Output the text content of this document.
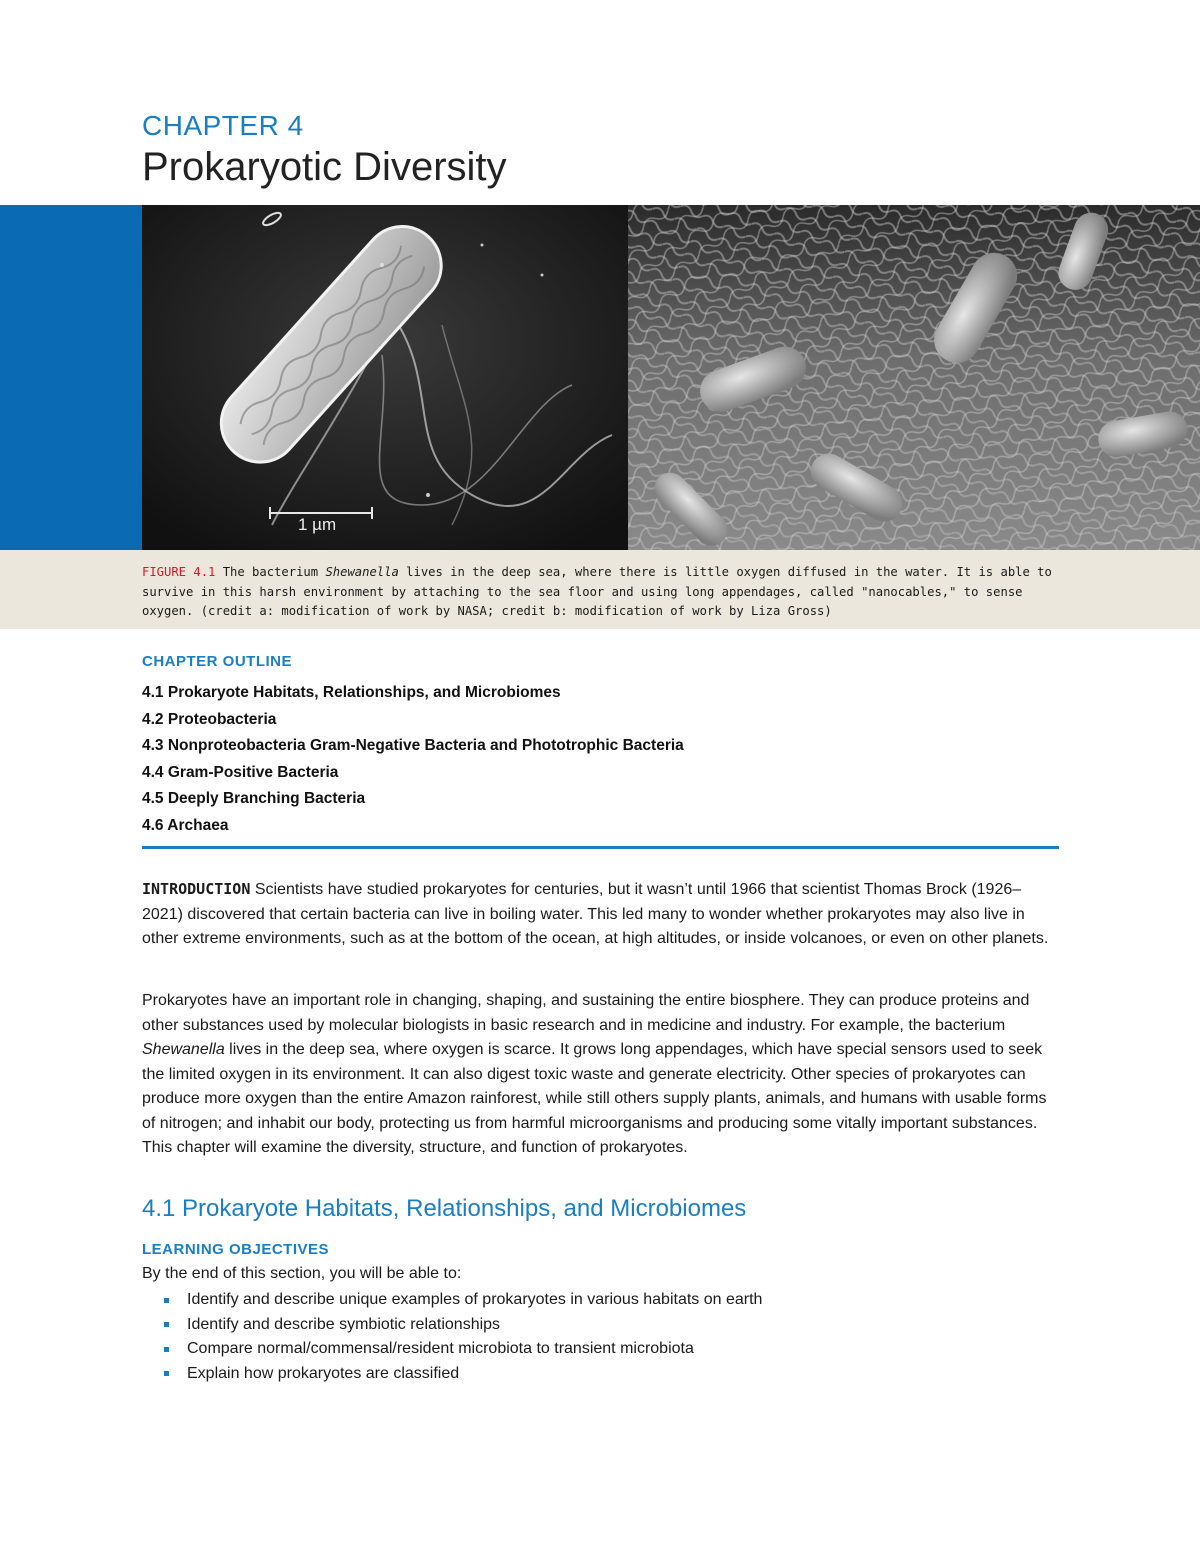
CHAPTER 4
Prokaryotic Diversity
1 µm
FIGURE 4.1 The bacterium Shewanella lives in the deep sea, where there is little oxygen diffused in the water. It is able to survive in this harsh environment by attaching to the sea floor and using long appendages, called "nanocables," to sense oxygen. (credit a: modification of work by NASA; credit b: modification of work by Liza Gross)
CHAPTER OUTLINE
4.1 Prokaryote Habitats, Relationships, and Microbiomes
4.2 Proteobacteria
4.3 Nonproteobacteria Gram-Negative Bacteria and Phototrophic Bacteria
4.4 Gram-Positive Bacteria
4.5 Deeply Branching Bacteria
4.6 Archaea

INTRODUCTION Scientists have studied prokaryotes for centuries, but it wasn’t until 1966 that scientist Thomas Brock (1926–2021) discovered that certain bacteria can live in boiling water. This led many to wonder whether prokaryotes may also live in other extreme environments, such as at the bottom of the ocean, at high altitudes, or inside volcanoes, or even on other planets.

Prokaryotes have an important role in changing, shaping, and sustaining the entire biosphere. They can produce proteins and other substances used by molecular biologists in basic research and in medicine and industry. For example, the bacterium Shewanella lives in the deep sea, where oxygen is scarce. It grows long appendages, which have special sensors used to seek the limited oxygen in its environment. It can also digest toxic waste and generate electricity. Other species of prokaryotes can produce more oxygen than the entire Amazon rainforest, while still others supply plants, animals, and humans with usable forms of nitrogen; and inhabit our body, protecting us from harmful microorganisms and producing some vitally important substances. This chapter will examine the diversity, structure, and function of prokaryotes.

4.1 Prokaryote Habitats, Relationships, and Microbiomes
LEARNING OBJECTIVES
By the end of this section, you will be able to:
Identify and describe unique examples of prokaryotes in various habitats on earth
Identify and describe symbiotic relationships
Compare normal/commensal/resident microbiota to transient microbiota
Explain how prokaryotes are classified
